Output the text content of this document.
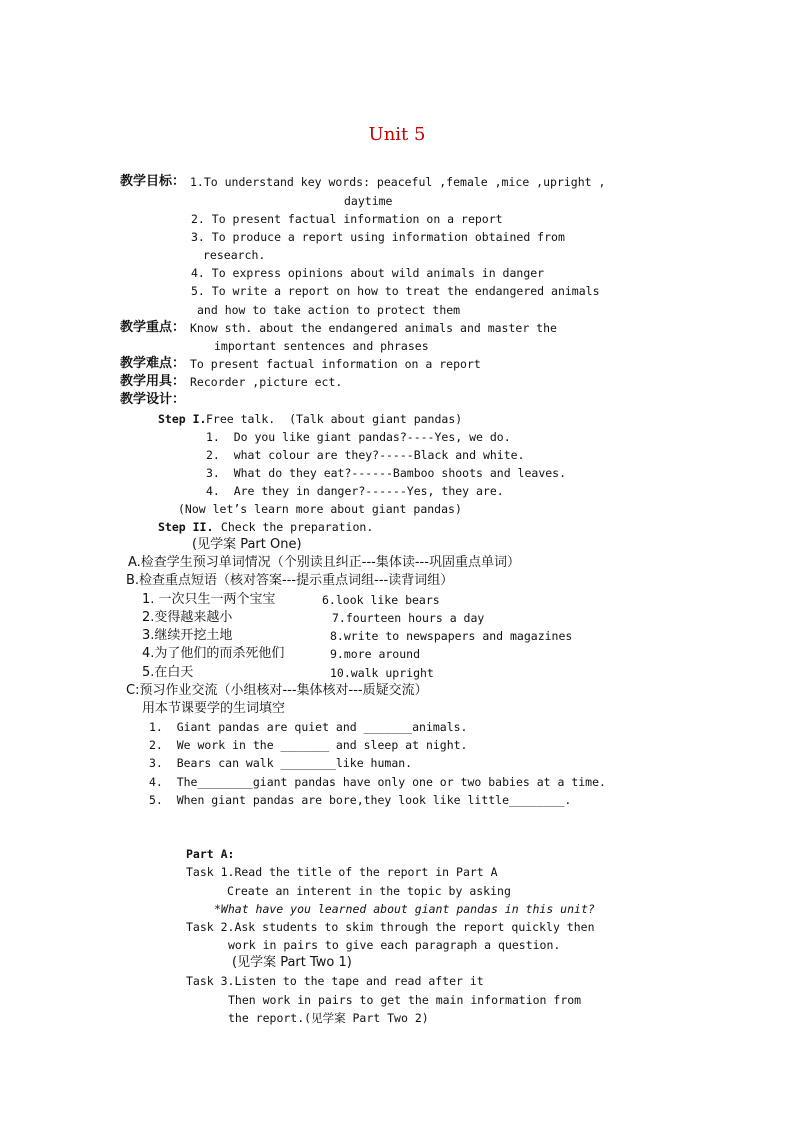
Unit 5
教学目标： 1.To understand key words: peaceful ,female ,mice ,upright ,
daytime
2. To present factual information on a report
3. To produce a report using information obtained from
research.
4. To express opinions about wild animals in danger
5. To write a report on how to treat the endangered animals
and how to take action to protect them
教学重点： Know sth. about the endangered animals and master the
important sentences and phrases
教学难点： To present factual information on a report
教学用具： Recorder ,picture ect.
教学设计：
Step I. Free talk.  (Talk about giant pandas)
1.  Do you like giant pandas?----Yes, we do.
2.  what colour are they?-----Black and white.
3.  What do they eat?------Bamboo shoots and leaves.
4.  Are they in danger?------Yes, they are.
(Now let’s learn more about giant pandas)
Step II. Check the preparation.
(见学案 Part One)
A.检查学生预习单词情况（个别读且纠正---集体读---巩固重点单词）
B.检查重点短语（核对答案---提示重点词组---读背词组）
1. 一次只生一两个宝宝
2.变得越来越小
3.继续开挖土地
4.为了他们的而杀死他们
5.在白天
6.look like bears
7.fourteen hours a day
8.write to newspapers and magazines
9.more around
10.walk upright
C:预习作业交流（小组核对---集体核对---质疑交流）
用本节课要学的生词填空
1.  Giant pandas are quiet and _______animals.
2.  We work in the _______ and sleep at night.
3.  Bears can walk ________like human.
4.  The________giant pandas have only one or two babies at a time.
5.  When giant pandas are bore,they look like little________.
Part A:
Task 1.Read the title of the report in Part A
Create an interent in the topic by asking
*What have you learned about giant pandas in this unit?
Task 2.Ask students to skim through the report quickly then
work in pairs to give each paragraph a question.
(见学案 Part Two 1)
Task 3.Listen to the tape and read after it
Then work in pairs to get the main information from
the report.(见学案 Part Two 2)
